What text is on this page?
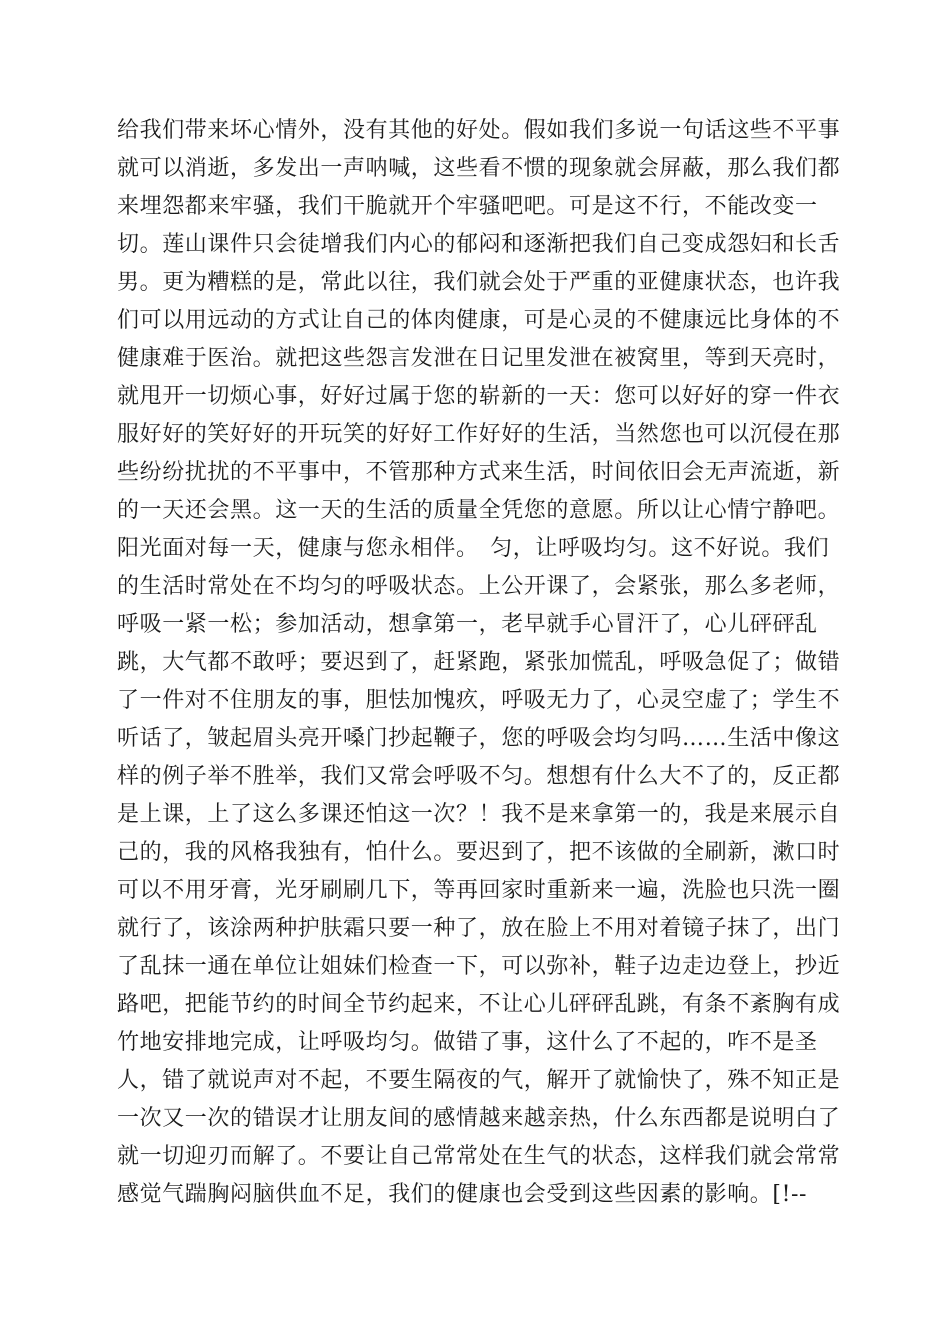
给我们带来坏心情外，没有其他的好处。假如我们多说一句话这些不平事
就可以消逝，多发出一声呐喊，这些看不惯的现象就会屏蔽，那么我们都
来埋怨都来牢骚，我们干脆就开个牢骚吧吧。可是这不行，不能改变一
切。莲山课件只会徒增我们内心的郁闷和逐渐把我们自己变成怨妇和长舌
男。更为糟糕的是，常此以往，我们就会处于严重的亚健康状态，也许我
们可以用远动的方式让自己的体肉健康，可是心灵的不健康远比身体的不
健康难于医治。就把这些怨言发泄在日记里发泄在被窝里，等到天亮时，
就甩开一切烦心事，好好过属于您的崭新的一天：您可以好好的穿一件衣
服好好的笑好好的开玩笑的好好工作好好的生活，当然您也可以沉侵在那
些纷纷扰扰的不平事中，不管那种方式来生活，时间依旧会无声流逝，新
的一天还会黑。这一天的生活的质量全凭您的意愿。所以让心情宁静吧。
阳光面对每一天，健康与您永相伴。　匀，让呼吸均匀。这不好说。我们
的生活时常处在不均匀的呼吸状态。上公开课了，会紧张，那么多老师，
呼吸一紧一松；参加活动，想拿第一，老早就手心冒汗了，心儿砰砰乱
跳，大气都不敢呼；要迟到了，赶紧跑，紧张加慌乱，呼吸急促了；做错
了一件对不住朋友的事，胆怯加愧疚，呼吸无力了，心灵空虚了；学生不
听话了，皱起眉头亮开嗓门抄起鞭子，您的呼吸会均匀吗……生活中像这
样的例子举不胜举，我们又常会呼吸不匀。想想有什么大不了的，反正都
是上课，上了这么多课还怕这一次？！我不是来拿第一的，我是来展示自
己的，我的风格我独有，怕什么。要迟到了，把不该做的全刷新，漱口时
可以不用牙膏，光牙刷刷几下，等再回家时重新来一遍，洗脸也只洗一圈
就行了，该涂两种护肤霜只要一种了，放在脸上不用对着镜子抹了，出门
了乱抹一通在单位让姐妹们检查一下，可以弥补，鞋子边走边登上，抄近
路吧，把能节约的时间全节约起来，不让心儿砰砰乱跳，有条不紊胸有成
竹地安排地完成，让呼吸均匀。做错了事，这什么了不起的，咋不是圣
人，错了就说声对不起，不要生隔夜的气，解开了就愉快了，殊不知正是
一次又一次的错误才让朋友间的感情越来越亲热，什么东西都是说明白了
就一切迎刃而解了。不要让自己常常处在生气的状态，这样我们就会常常
感觉气踹胸闷脑供血不足，我们的健康也会受到这些因素的影响。[!--
